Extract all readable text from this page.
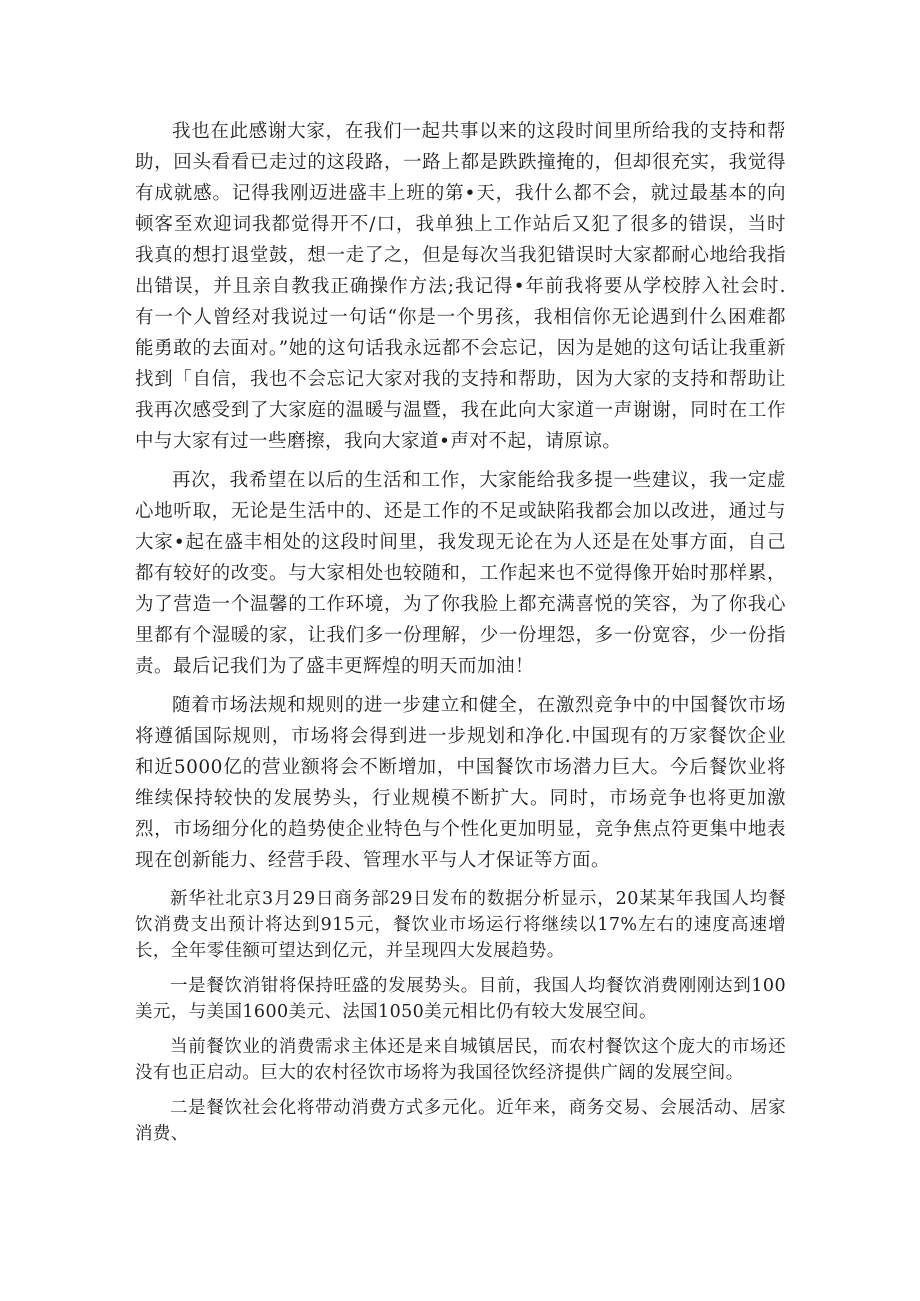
我也在此感谢大家，在我们一起共事以来的这段时间里所给我的支持和帮助，回头看看已走过的这段路，一路上都是跌跌撞掩的，但却很充实，我觉得有成就感。记得我刚迈进盛丰上班的第•天，我什么都不会，就过最基本的向顿客至欢迎词我都觉得开不/口，我单独上工作站后又犯了很多的错误，当时我真的想打退堂鼓，想一走了之，但是每次当我犯错误时大家都耐心地给我指出错误，并且亲自教我正确操作方法;我记得•年前我将要从学校脖入社会时.有一个人曾经对我说过一句话“你是一个男孩，我相信你无论遇到什么困难都能勇敢的去面对。”她的这句话我永远都不会忘记，因为是她的这句话让我重新找到「自信，我也不会忘记大家对我的支持和帮助，因为大家的支持和帮助让我再次感受到了大家庭的温暖与温暨，我在此向大家道一声谢谢，同时在工作中与大家有过一些磨擦，我向大家道•声对不起，请原谅。

再次，我希望在以后的生活和工作，大家能给我多提一些建议，我一定虚心地听取，无论是生活中的、还是工作的不足或缺陷我都会加以改进，通过与大家•起在盛丰相处的这段时间里，我发现无论在为人还是在处事方面，自己都有较好的改变。与大家相处也较随和，工作起来也不觉得像开始时那样累，为了营造一个温馨的工作环境，为了你我脸上都充满喜悦的笑容，为了你我心里都有个湿暖的家，让我们多一份理解，少一份埋怨，多一份宽容，少一份指责。最后记我们为了盛丰更辉煌的明天而加油！

随着市场法规和规则的进一步建立和健全，在激烈竞争中的中国餐饮市场将遵循国际规则，市场将会得到进一步规划和净化.中国现有的万家餐饮企业和近5000亿的营业额将会不断增加，中国餐饮市场潜力巨大。今后餐饮业将维续保持较快的发展势头，行业规模不断扩大。同时，市场竞争也将更加激烈，市场细分化的趋势使企业特色与个性化更加明显，竞争焦点符更集中地表现在创新能力、经营手段、管理水平与人才保证等方面。

新华社北京3月29日商务部29日发布的数据分析显示，20某某年我国人均餐饮消费支出预计将达到915元，餐饮业市场运行将继续以17%左右的速度高速增长，全年零佳额可望达到亿元，并呈现四大发展趋势。

一是餐饮消钳将保持旺盛的发展势头。目前，我国人均餐饮消费刚刚达到100美元，与美国1600美元、法国1050美元相比仍有较大发展空间。

当前餐饮业的消费需求主体还是来自城镇居民，而农村餐饮这个庞大的市场还没有也正启动。巨大的农村径饮市场将为我国径饮经济提供广阔的发展空间。

二是餐饮社会化将带动消费方式多元化。近年来，商务交易、会展活动、居家消费、
